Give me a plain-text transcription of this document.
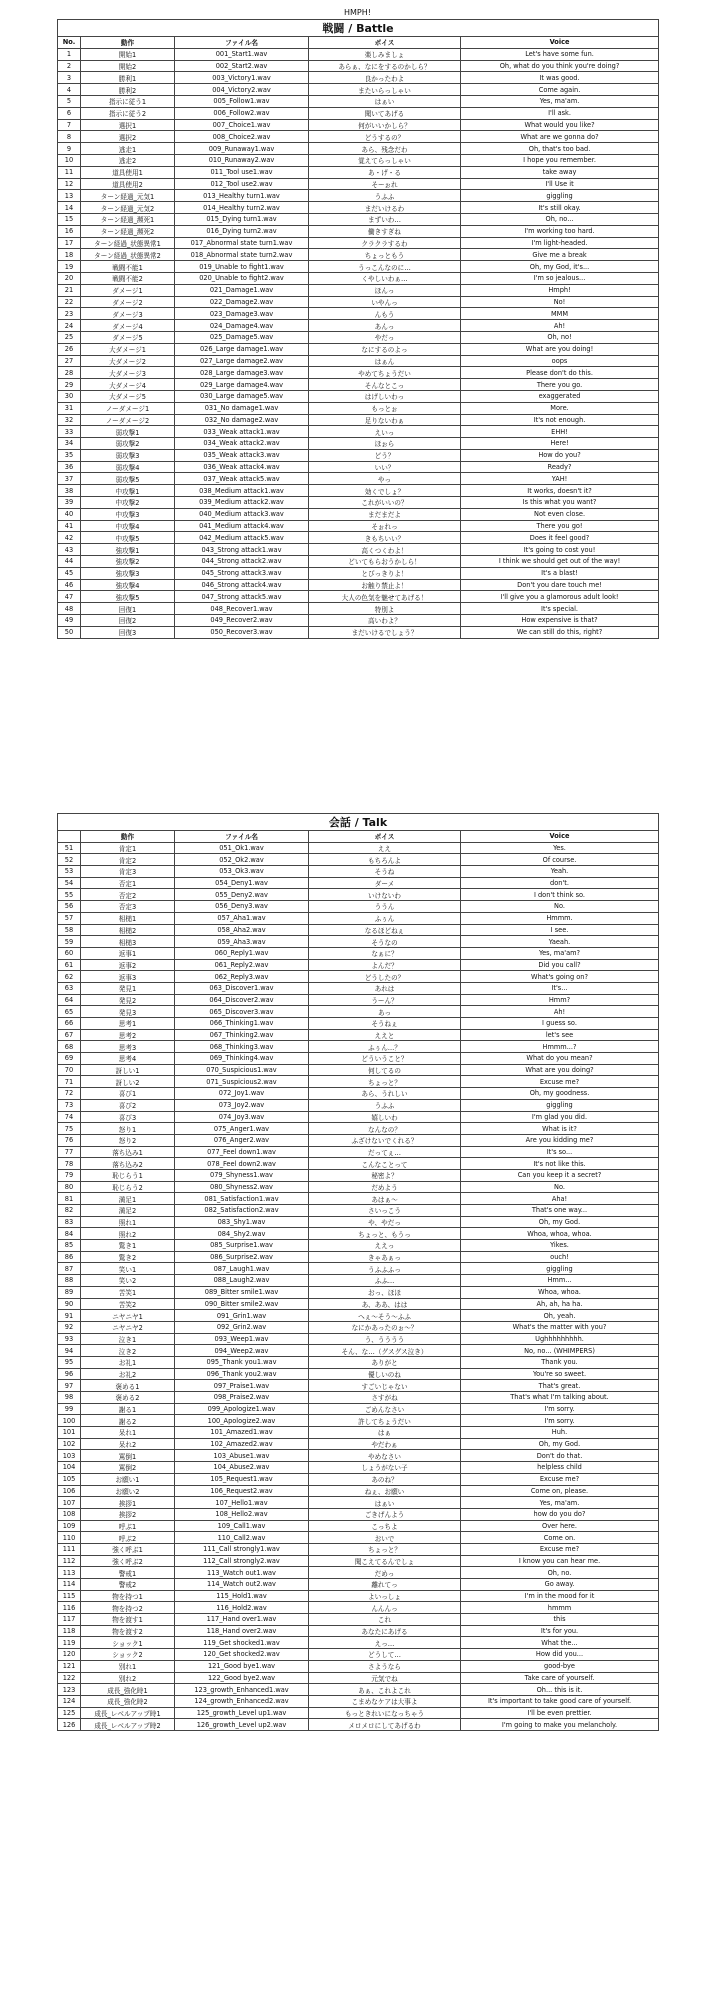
HMPH!
戦闘 / Battle				
No.	動作	ファイル名	ボイス	Voice
1	開始1	001_Start1.wav	楽しみましょ	Let's have some fun.
2	開始2	002_Start2.wav	あらぁ、なにをするのかしら？	Oh, what do you think you're doing?
3	勝利1	003_Victory1.wav	良かったわよ	It was good.
4	勝利2	004_Victory2.wav	またいらっしゃい	Come again.
5	指示に従う1	005_Follow1.wav	はぁい	Yes, ma'am.
6	指示に従う2	006_Follow2.wav	聞いてあげる	I'll ask.
7	選択1	007_Choice1.wav	何がいいかしら？	What would you like?
8	選択2	008_Choice2.wav	どうするの？	What are we gonna do?
9	逃走1	009_Runaway1.wav	あら、残念だわ	Oh, that's too bad.
10	逃走2	010_Runaway2.wav	覚えてらっしゃい	I hope you remember.
11	道具使用1	011_Tool use1.wav	あ・げ・る	take away
12	道具使用2	012_Tool use2.wav	そーぉれ	I'll Use it
13	ターン経過_元気1	013_Healthy turn1.wav	うふふ	giggling
14	ターン経過_元気2	014_Healthy turn2.wav	まだいけるわ	It's still okay.
15	ターン経過_瀕死1	015_Dying turn1.wav	まずいわ…	Oh, no...
16	ターン経過_瀕死2	016_Dying turn2.wav	働きすぎね	I'm working too hard.
17	ターン経過_状態異常1	017_Abnormal state turn1.wav	クラクラするわ	I'm light-headed.
18	ターン経過_状態異常2	018_Abnormal state turn2.wav	ちょっともう	Give me a break
19	戦闘不能1	019_Unable to fight1.wav	うっこんなのに…	Oh, my God, it's...
20	戦闘不能2	020_Unable to fight2.wav	くやしいわぁ…	I'm so jealous...
21	ダメージ1	021_Damage1.wav	ほんっ	Hmph!
22	ダメージ2	022_Damage2.wav	いやんっ	No!
23	ダメージ3	023_Damage3.wav	んもう	MMM
24	ダメージ4	024_Damage4.wav	あんっ	Ah!
25	ダメージ5	025_Damage5.wav	やだっ	Oh, no!
26	大ダメージ1	026_Large damage1.wav	なにするのよっ	What are you doing!
27	大ダメージ2	027_Large damage2.wav	はぁん	oops
28	大ダメージ3	028_Large damage3.wav	やめてちょうだい	Please don't do this.
29	大ダメージ4	029_Large damage4.wav	そんなとこっ	There you go.
30	大ダメージ5	030_Large damage5.wav	はげしいわっ	exaggerated
31	ノーダメージ1	031_No damage1.wav	もっとぉ	More.
32	ノーダメージ2	032_No damage2.wav	足りないわぁ	It's not enough.
33	弱攻撃1	033_Weak attack1.wav	えいっ	EHH!
34	弱攻撃2	034_Weak attack2.wav	ほぉら	Here!
35	弱攻撃3	035_Weak attack3.wav	どう？	How do you?
36	弱攻撃4	036_Weak attack4.wav	いい？	Ready?
37	弱攻撃5	037_Weak attack5.wav	やっ	YAH!
38	中攻撃1	038_Medium attack1.wav	効くでしょ？	It works, doesn't it?
39	中攻撃2	039_Medium attack2.wav	これがいいの？	Is this what you want?
40	中攻撃3	040_Medium attack3.wav	まだまだよ	Not even close.
41	中攻撃4	041_Medium attack4.wav	そぉれっ	There you go!
42	中攻撃5	042_Medium attack5.wav	きもちいい？	Does it feel good?
43	強攻撃1	043_Strong attack1.wav	高くつくわよ！	It's going to cost you!
44	強攻撃2	044_Strong attack2.wav	どいてもらおうかしら！	I think we should get out of the way!
45	強攻撃3	045_Strong attack3.wav	とびっきりよ！	It's a blast!
46	強攻撃4	046_Strong attack4.wav	お触り禁止よ！	Don't you dare touch me!
47	強攻撃5	047_Strong attack5.wav	大人の色気を魅せてあげる！	I'll give you a glamorous adult look!
48	回復1	048_Recover1.wav	特別よ	It's special.
49	回復2	049_Recover2.wav	高いわよ？	How expensive is that?
50	回復3	050_Recover3.wav	まだいけるでしょう？	We can still do this, right?
会話 / Talk				
	動作	ファイル名	ボイス	Voice
51	肯定1	051_Ok1.wav	ええ	Yes.
52	肯定2	052_Ok2.wav	もちろんよ	Of course.
53	肯定3	053_Ok3.wav	そうね	Yeah.
54	否定1	054_Deny1.wav	ダーメ	don't.
55	否定2	055_Deny2.wav	いけないわ	I don't think so.
56	否定3	056_Deny3.wav	ううん	No.
57	相槌1	057_Aha1.wav	ふぅん	Hmmm.
58	相槌2	058_Aha2.wav	なるほどねぇ	I see.
59	相槌3	059_Aha3.wav	そうなの	Yaeah.
60	返事1	060_Reply1.wav	なぁに？	Yes, ma'am?
61	返事2	061_Reply2.wav	よんだ？	Did you call?
62	返事3	062_Reply3.wav	どうしたの？	What's going on?
63	発見1	063_Discover1.wav	あれは	It's...
64	発見2	064_Discover2.wav	うーん？	Hmm?
65	発見3	065_Discover3.wav	あっ	Ah!
66	思考1	066_Thinking1.wav	そうねぇ	I guess so.
67	思考2	067_Thinking2.wav	ええと	let's see
68	思考3	068_Thinking3.wav	ふぅん…？	Hmmm...?
69	思考4	069_Thinking4.wav	どういうこと？	What do you mean?
70	訝しい1	070_Suspicious1.wav	何してるの	What are you doing?
71	訝しい2	071_Suspicious2.wav	ちょっと？	Excuse me?
72	喜び1	072_Joy1.wav	あら、うれしい	Oh, my goodness.
73	喜び2	073_Joy2.wav	うふふ	giggling
74	喜び3	074_Joy3.wav	嬉しいわ	I'm glad you did.
75	怒り1	075_Anger1.wav	なんなの？	What is it?
76	怒り2	076_Anger2.wav	ふざけないでくれる？	Are you kidding me?
77	落ち込み1	077_Feel down1.wav	だってぇ…	It's so...
78	落ち込み2	078_Feel down2.wav	こんなことって	It's not like this.
79	恥じらう1	079_Shyness1.wav	秘密よ？	Can you keep it a secret?
80	恥じらう2	080_Shyness2.wav	だめよう	No.
81	満足1	081_Satisfaction1.wav	あはぁ～	Aha!
82	満足2	082_Satisfaction2.wav	さいっこう	That's one way...
83	照れ1	083_Shy1.wav	や、やだっ	Oh, my God.
84	照れ2	084_Shy2.wav	ちょっと、もうっ	Whoa, whoa, whoa.
85	驚き1	085_Surprise1.wav	ええっ	Yikes.
86	驚き2	086_Surprise2.wav	きゃあぁっ	ouch!
87	笑い1	087_Laugh1.wav	うふふふっ	giggling
88	笑い2	088_Laugh2.wav	ふふ…	Hmm...
89	苦笑1	089_Bitter smile1.wav	おっ、ほほ	Whoa, whoa.
90	苦笑2	090_Bitter smile2.wav	あ、ああ、はは	Ah, ah, ha ha.
91	ニヤニヤ1	091_Grin1.wav	へぇ～そう～ふふ	Oh, yeah.
92	ニヤニヤ2	092_Grin2.wav	なにかあったのぉ～？	What's the matter with you?
93	泣き1	093_Weep1.wav	う、うううう	Ughhhhhhhhh.
94	泣き2	094_Weep2.wav	そん、な…（グスグス泣き）	No, no... (WHIMPERS)
95	お礼1	095_Thank you1.wav	ありがと	Thank you.
96	お礼2	096_Thank you2.wav	優しいのね	You're so sweet.
97	褒める1	097_Praise1.wav	すごいじゃない	That's great.
98	褒める2	098_Praise2.wav	さすがね	That's what I'm talking about.
99	謝る1	099_Apologize1.wav	ごめんなさい	I'm sorry.
100	謝る2	100_Apologize2.wav	許してちょうだい	I'm sorry.
101	呆れ1	101_Amazed1.wav	はぁ	Huh.
102	呆れ2	102_Amazed2.wav	やだわぁ	Oh, my God.
103	罵倒1	103_Abuse1.wav	やめなさい	Don't do that.
104	罵倒2	104_Abuse2.wav	しょうがない子	helpless child
105	お願い1	105_Request1.wav	あのね？	Excuse me?
106	お願い2	106_Request2.wav	ねぇ、お願い	Come on, please.
107	挨拶1	107_Hello1.wav	はぁい	Yes, ma'am.
108	挨拶2	108_Hello2.wav	ごきげんよう	how do you do?
109	呼ぶ1	109_Call1.wav	こっちよ	Over here.
110	呼ぶ2	110_Call2.wav	おいで	Come on.
111	強く呼ぶ1	111_Call strongly1.wav	ちょっと？	Excuse me?
112	強く呼ぶ2	112_Call strongly2.wav	聞こえてるんでしょ	I know you can hear me.
113	警戒1	113_Watch out1.wav	だめっ	Oh, no.
114	警戒2	114_Watch out2.wav	離れてっ	Go away.
115	物を持つ1	115_Hold1.wav	よいっしょ	I'm in the mood for it
116	物を持つ2	116_Hold2.wav	んんんっ	hmmm
117	物を渡す1	117_Hand over1.wav	これ	this
118	物を渡す2	118_Hand over2.wav	あなたにあげる	It's for you.
119	ショック1	119_Get shocked1.wav	えっ…	What the...
120	ショック2	120_Get shocked2.wav	どうして…	How did you...
121	別れ1	121_Good bye1.wav	さようなら	good-bye
122	別れ2	122_Good bye2.wav	元気でね	Take care of yourself.
123	成長_強化時1	123_growth_Enhanced1.wav	あぁ、これよこれ	Oh... this is it.
124	成長_強化時2	124_growth_Enhanced2.wav	こまめなケアは大事よ	It's important to take good care of yourself.
125	成長_レベルアップ時1	125_growth_Level up1.wav	もっときれいになっちゃう	I'll be even prettier.
126	成長_レベルアップ時2	126_growth_Level up2.wav	メロメロにしてあげるわ	I'm going to make you melancholy.
